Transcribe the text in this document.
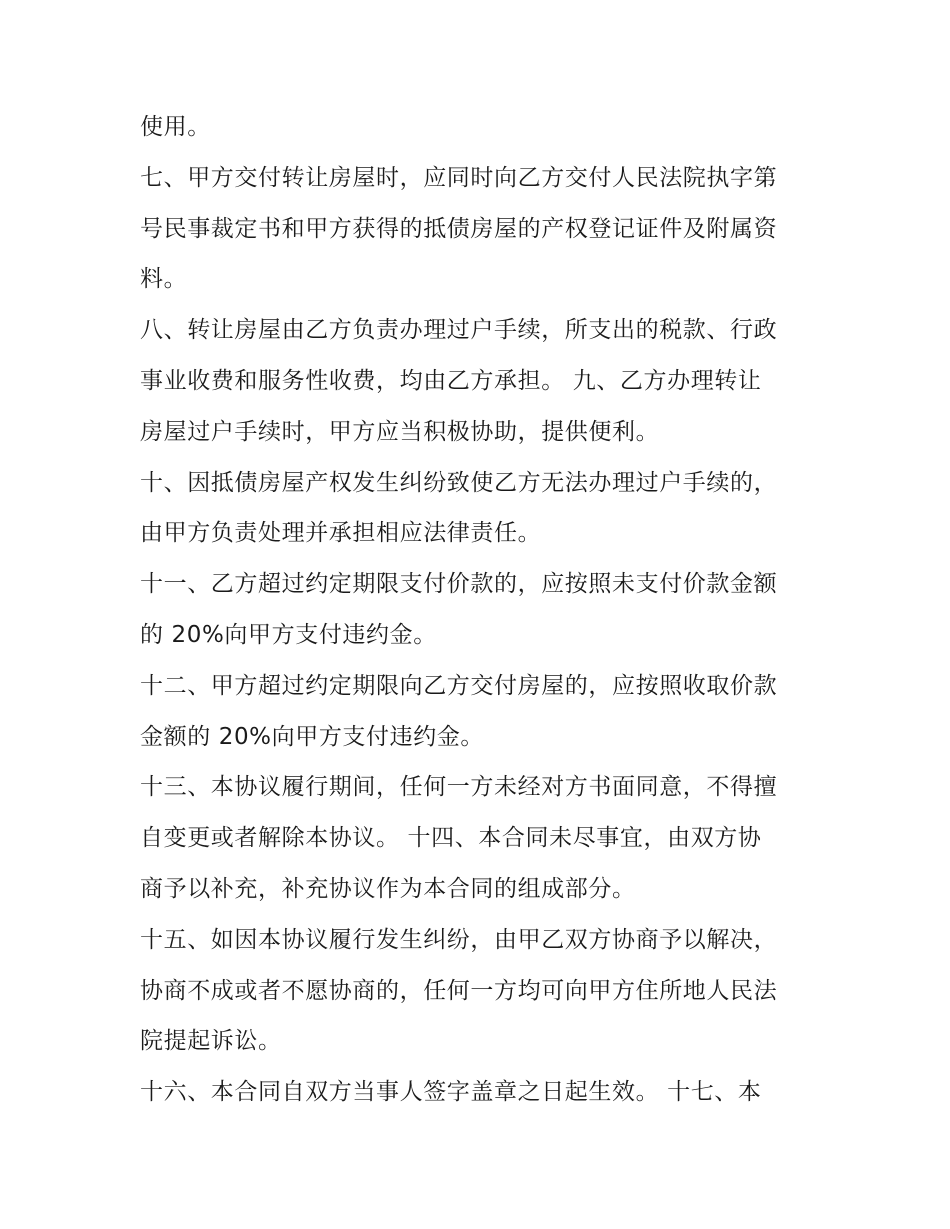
使用。
七、甲方交付转让房屋时，应同时向乙方交付人民法院执字第
号民事裁定书和甲方获得的抵债房屋的产权登记证件及附属资
料。
八、转让房屋由乙方负责办理过户手续，所支出的税款、行政
事业收费和服务性收费，均由乙方承担。 九、乙方办理转让
房屋过户手续时，甲方应当积极协助，提供便利。
十、因抵债房屋产权发生纠纷致使乙方无法办理过户手续的，
由甲方负责处理并承担相应法律责任。
十一、乙方超过约定期限支付价款的，应按照未支付价款金额
的 20%向甲方支付违约金。
十二、甲方超过约定期限向乙方交付房屋的，应按照收取价款
金额的 20%向甲方支付违约金。
十三、本协议履行期间，任何一方未经对方书面同意，不得擅
自变更或者解除本协议。 十四、本合同未尽事宜，由双方协
商予以补充，补充协议作为本合同的组成部分。
十五、如因本协议履行发生纠纷，由甲乙双方协商予以解决，
协商不成或者不愿协商的，任何一方均可向甲方住所地人民法
院提起诉讼。
十六、本合同自双方当事人签字盖章之日起生效。 十七、本
